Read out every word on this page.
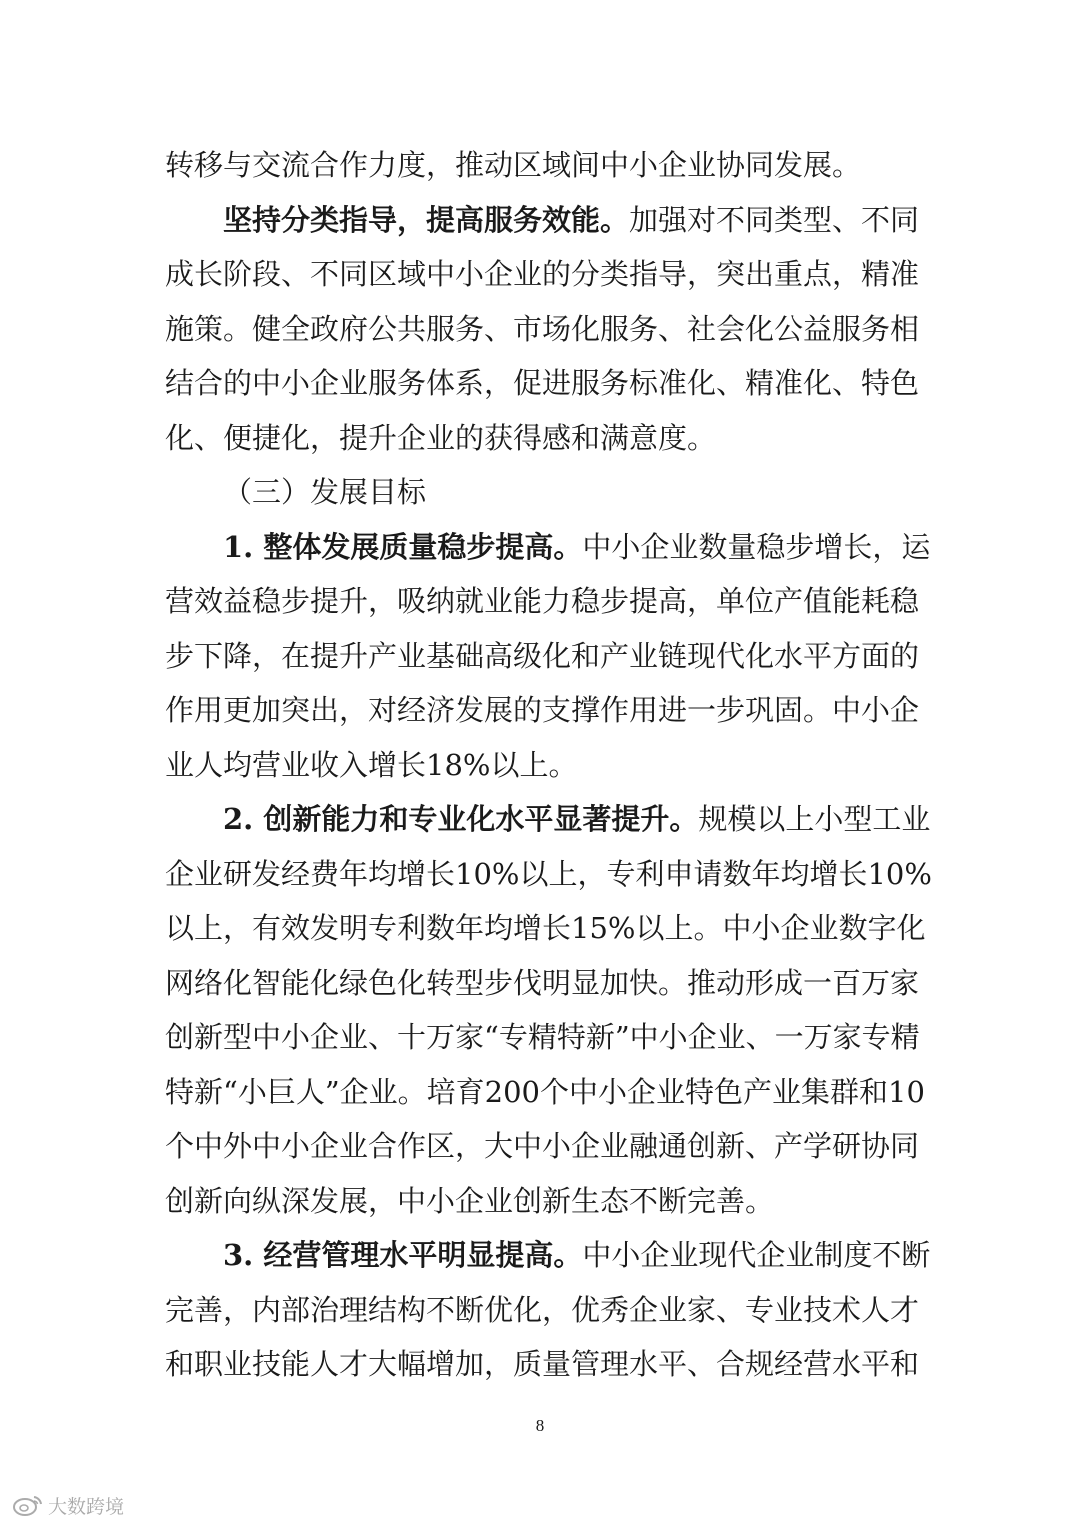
转移与交流合作力度，推动区域间中小企业协同发展。
坚持分类指导，提高服务效能。加强对不同类型、不同
成长阶段、不同区域中小企业的分类指导，突出重点，精准
施策。健全政府公共服务、市场化服务、社会化公益服务相
结合的中小企业服务体系，促进服务标准化、精准化、特色
化、便捷化，提升企业的获得感和满意度。
（三）发展目标
1. 整体发展质量稳步提高。中小企业数量稳步增长，运
营效益稳步提升，吸纳就业能力稳步提高，单位产值能耗稳
步下降，在提升产业基础高级化和产业链现代化水平方面的
作用更加突出，对经济发展的支撑作用进一步巩固。中小企
业人均营业收入增长18%以上。
2. 创新能力和专业化水平显著提升。规模以上小型工业
企业研发经费年均增长10%以上，专利申请数年均增长10%
以上，有效发明专利数年均增长15%以上。中小企业数字化
网络化智能化绿色化转型步伐明显加快。推动形成一百万家
创新型中小企业、十万家“专精特新”中小企业、一万家专精
特新“小巨人”企业。培育200个中小企业特色产业集群和10
个中外中小企业合作区，大中小企业融通创新、产学研协同
创新向纵深发展，中小企业创新生态不断完善。
3. 经营管理水平明显提高。中小企业现代企业制度不断
完善，内部治理结构不断优化，优秀企业家、专业技术人才
和职业技能人才大幅增加，质量管理水平、合规经营水平和
8
大数跨境
